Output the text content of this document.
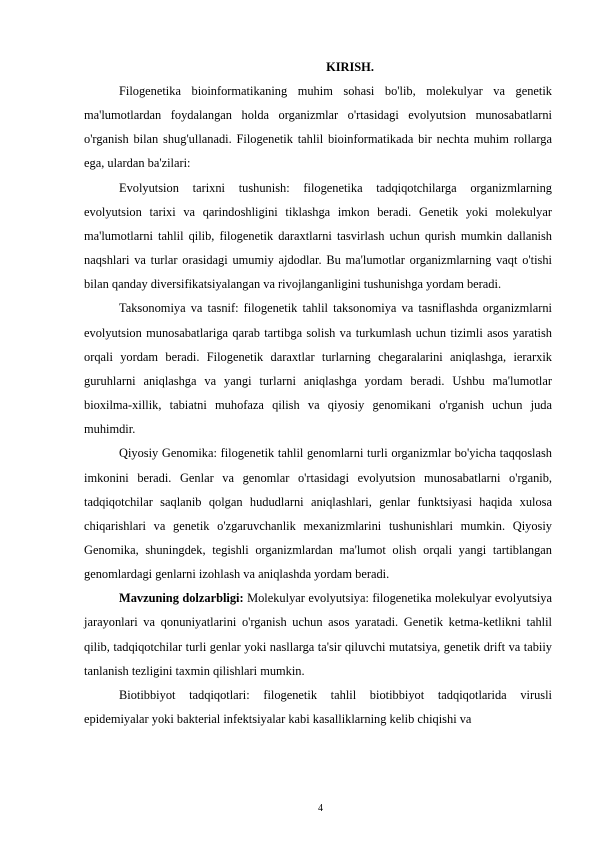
KIRISH.

Filogenetika bioinformatikaning muhim sohasi bo'lib, molekulyar va genetik ma'lumotlardan foydalangan holda organizmlar o'rtasidagi evolyutsion munosabatlarni o'rganish bilan shug'ullanadi. Filogenetik tahlil bioinformatikada bir nechta muhim rollarga ega, ulardan ba'zilari:

Evolyutsion tarixni tushunish: filogenetika tadqiqotchilarga organizmlarning evolyutsion tarixi va qarindoshligini tiklashga imkon beradi. Genetik yoki molekulyar ma'lumotlarni tahlil qilib, filogenetik daraxtlarni tasvirlash uchun qurish mumkin dallanish naqshlari va turlar orasidagi umumiy ajdodlar. Bu ma'lumotlar organizmlarning vaqt o'tishi bilan qanday diversifikatsiyalangan va rivojlanganligini tushunishga yordam beradi.

Taksonomiya va tasnif: filogenetik tahlil taksonomiya va tasniflashda organizmlarni evolyutsion munosabatlariga qarab tartibga solish va turkumlash uchun tizimli asos yaratish orqali yordam beradi. Filogenetik daraxtlar turlarning chegaralarini aniqlashga, ierarxik guruhlarni aniqlashga va yangi turlarni aniqlashga yordam beradi. Ushbu ma'lumotlar bioxilma-xillik, tabiatni muhofaza qilish va qiyosiy genomikani o'rganish uchun juda muhimdir.

Qiyosiy Genomika: filogenetik tahlil genomlarni turli organizmlar bo'yicha taqqoslash imkonini beradi. Genlar va genomlar o'rtasidagi evolyutsion munosabatlarni o'rganib, tadqiqotchilar saqlanib qolgan hududlarni aniqlashlari, genlar funktsiyasi haqida xulosa chiqarishlari va genetik o'zgaruvchanlik mexanizmlarini tushunishlari mumkin. Qiyosiy Genomika, shuningdek, tegishli organizmlardan ma'lumot olish orqali yangi tartiblangan genomlardagi genlarni izohlash va aniqlashda yordam beradi.

Mavzuning dolzarbligi: Molekulyar evolyutsiya: filogenetika molekulyar evolyutsiya jarayonlari va qonuniyatlarini o'rganish uchun asos yaratadi. Genetik ketma-ketlikni tahlil qilib, tadqiqotchilar turli genlar yoki nasllarga ta'sir qiluvchi mutatsiya, genetik drift va tabiiy tanlanish tezligini taxmin qilishlari mumkin.

Biotibbiyot tadqiqotlari: filogenetik tahlil biotibbiyot tadqiqotlarida virusli epidemiyalar yoki bakterial infektsiyalar kabi kasalliklarning kelib chiqishi va

4
